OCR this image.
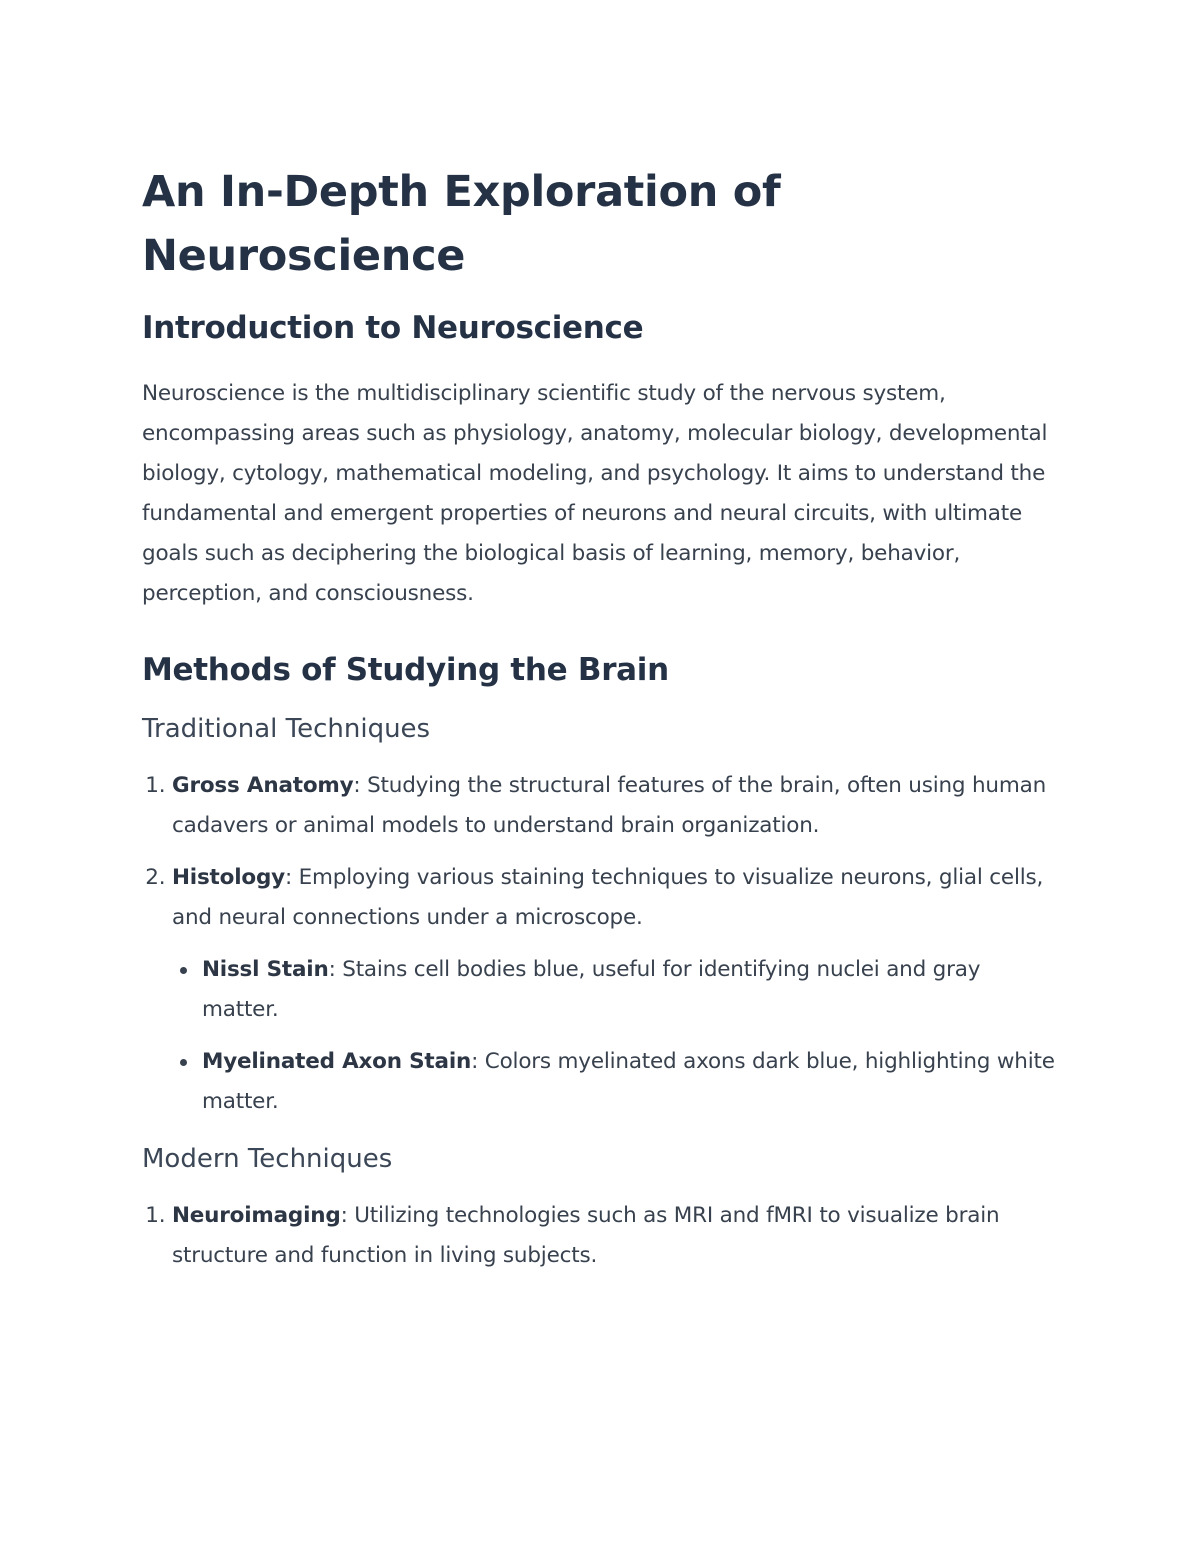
An In-Depth Exploration of Neuroscience
Introduction to Neuroscience

Neuroscience is the multidisciplinary scientific study of the nervous system, encompassing areas such as physiology, anatomy, molecular biology, developmental biology, cytology, mathematical modeling, and psychology. It aims to understand the fundamental and emergent properties of neurons and neural circuits, with ultimate goals such as deciphering the biological basis of learning, memory, behavior, perception, and consciousness.

Methods of Studying the Brain
Traditional Techniques
1. Gross Anatomy: Studying the structural features of the brain, often using human cadavers or animal models to understand brain organization.
2. Histology: Employing various staining techniques to visualize neurons, glial cells, and neural connections under a microscope.
Nissl Stain: Stains cell bodies blue, useful for identifying nuclei and gray matter.
Myelinated Axon Stain: Colors myelinated axons dark blue, highlighting white matter.
Modern Techniques
1. Neuroimaging: Utilizing technologies such as MRI and fMRI to visualize brain structure and function in living subjects.
